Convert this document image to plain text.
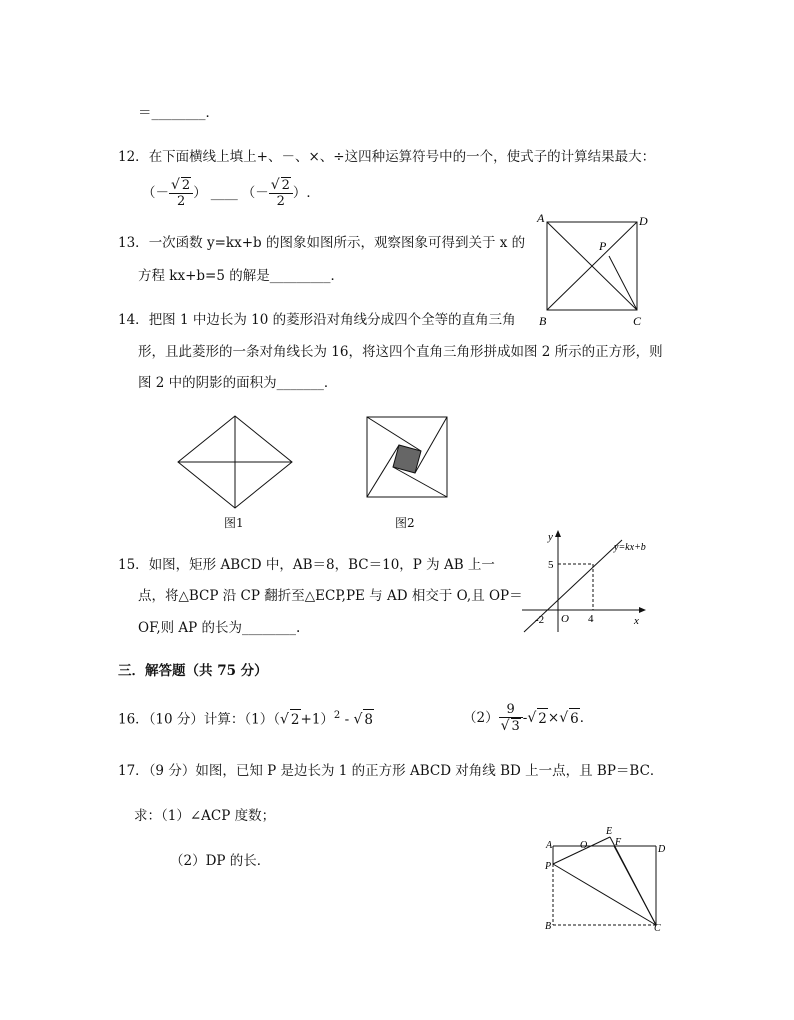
＝________．
12．在下面横线上填上+、－、×、÷这四种运算符号中的一个，使式子的计算结果最大：
（－ $\frac{√ 2}{2}$ ） ____ （－ $\frac{√ 2}{2}$ ） ．
13．一次函数 y=kx+b 的图象如图所示，观察图象可得到关于 x 的
方程 kx+b=5 的解是_________．
A	D
P
B	C
14．把图 1 中边长为 10 的菱形沿对角线分成四个全等的直角三角
形，且此菱形的一条对角线长为 16，将这四个直角三角形拼成如图 2 所示的正方形，则
图 2 中的阴影的面积为_______．
图1	图2
15．如图，矩形 ABCD 中，AB＝8，BC＝10，P 为 AB 上一
点，将△BCP 沿 CP 翻折至△ECP,PE 与 AD 相交于 O,且 OP＝
OF,则 AP 的长为________.
y
x
O
-2	4
5
y=kx+b
三．解答题（共 75 分）
16．（10 分）计算：（1）（√ 2+1）$^2$ - √ 8	$(2) \frac{9}{√ 3}$ - √ 2 × √ 6 ．
17．（9 分）如图，已知 P 是边长为 1 的正方形 ABCD 对角线 BD 上一点，且 BP＝BC．
求：（1）∠ACP 度数；
（2）DP 的长．
A	O
E
F
D
P
B	C
